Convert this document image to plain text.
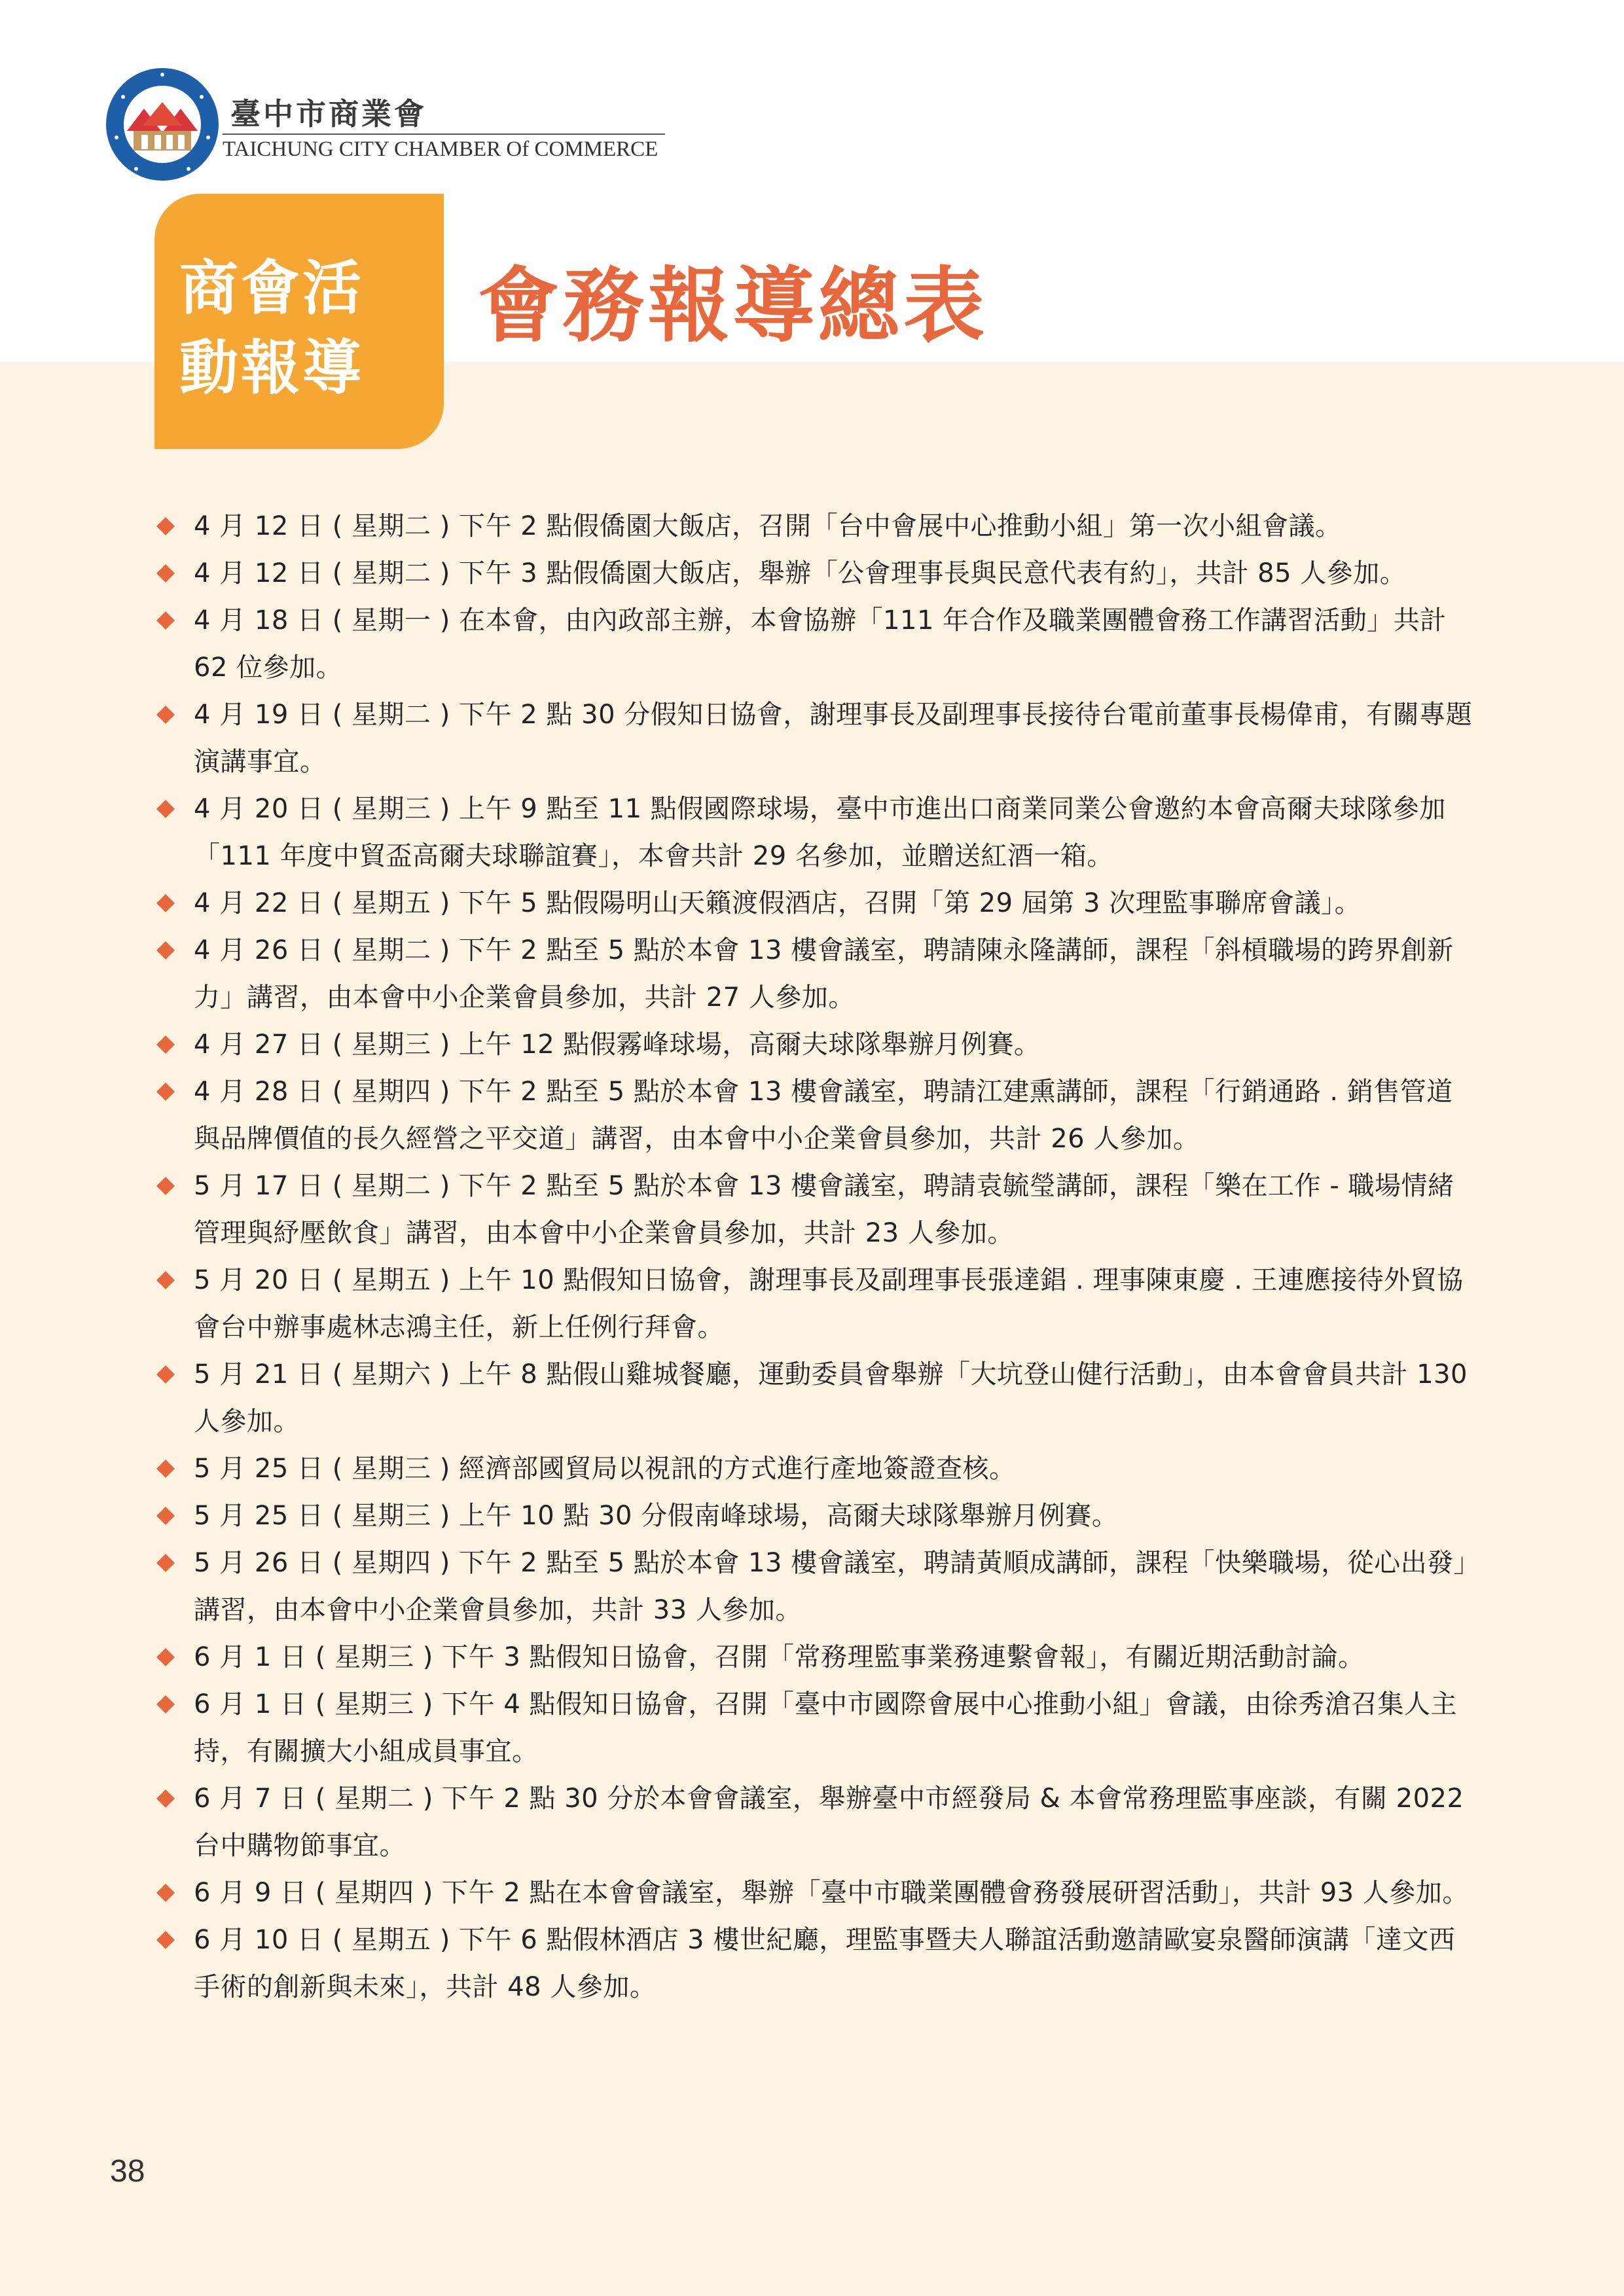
臺中市商業會
TAICHUNG CITY CHAMBER Of COMMERCE
商會活
動報導
會務報導總表
4 月 12 日 ( 星期二 ) 下午 2 點假僑園大飯店，召開「台中會展中心推動小組」第一次小組會議。
4 月 12 日 ( 星期二 ) 下午 3 點假僑園大飯店，舉辦「公會理事長與民意代表有約」，共計 85 人參加。
4 月 18 日 ( 星期一 ) 在本會，由內政部主辦，本會協辦「111 年合作及職業團體會務工作講習活動」共計 62 位參加。
4 月 19 日 ( 星期二 ) 下午 2 點 30 分假知日協會，謝理事長及副理事長接待台電前董事長楊偉甫，有關專題演講事宜。
4 月 20 日 ( 星期三 ) 上午 9 點至 11 點假國際球場，臺中市進出口商業同業公會邀約本會高爾夫球隊參加「111 年度中貿盃高爾夫球聯誼賽」，本會共計 29 名參加，並贈送紅酒一箱。
4 月 22 日 ( 星期五 ) 下午 5 點假陽明山天籟渡假酒店，召開「第 29 屆第 3 次理監事聯席會議」。
4 月 26 日 ( 星期二 ) 下午 2 點至 5 點於本會 13 樓會議室，聘請陳永隆講師，課程「斜槓職場的跨界創新力」講習，由本會中小企業會員參加，共計 27 人參加。
4 月 27 日 ( 星期三 ) 上午 12 點假霧峰球場，高爾夫球隊舉辦月例賽。
4 月 28 日 ( 星期四 ) 下午 2 點至 5 點於本會 13 樓會議室，聘請江建熏講師，課程「行銷通路 . 銷售管道與品牌價值的長久經營之平交道」講習，由本會中小企業會員參加，共計 26 人參加。
5 月 17 日 ( 星期二 ) 下午 2 點至 5 點於本會 13 樓會議室，聘請袁毓瑩講師，課程「樂在工作 - 職場情緒管理與紓壓飲食」講習，由本會中小企業會員參加，共計 23 人參加。
5 月 20 日 ( 星期五 ) 上午 10 點假知日協會，謝理事長及副理事長張達錩 . 理事陳東慶 . 王連應接待外貿協會台中辦事處林志鴻主任，新上任例行拜會。
5 月 21 日 ( 星期六 ) 上午 8 點假山雞城餐廳，運動委員會舉辦「大坑登山健行活動」，由本會會員共計 130 人參加。
5 月 25 日 ( 星期三 ) 經濟部國貿局以視訊的方式進行產地簽證查核。
5 月 25 日 ( 星期三 ) 上午 10 點 30 分假南峰球場，高爾夫球隊舉辦月例賽。
5 月 26 日 ( 星期四 ) 下午 2 點至 5 點於本會 13 樓會議室，聘請黃順成講師，課程「快樂職場，從心出發」講習，由本會中小企業會員參加，共計 33 人參加。
6 月 1 日 ( 星期三 ) 下午 3 點假知日協會，召開「常務理監事業務連繫會報」，有關近期活動討論。
6 月 1 日 ( 星期三 ) 下午 4 點假知日協會，召開「臺中市國際會展中心推動小組」會議，由徐秀滄召集人主持，有關擴大小組成員事宜。
6 月 7 日 ( 星期二 ) 下午 2 點 30 分於本會會議室，舉辦臺中市經發局 & 本會常務理監事座談，有關 2022 台中購物節事宜。
6 月 9 日 ( 星期四 ) 下午 2 點在本會會議室，舉辦「臺中市職業團體會務發展研習活動」，共計 93 人參加。
6 月 10 日 ( 星期五 ) 下午 6 點假林酒店 3 樓世紀廳，理監事暨夫人聯誼活動邀請歐宴泉醫師演講「達文西手術的創新與未來」，共計 48 人參加。
38
